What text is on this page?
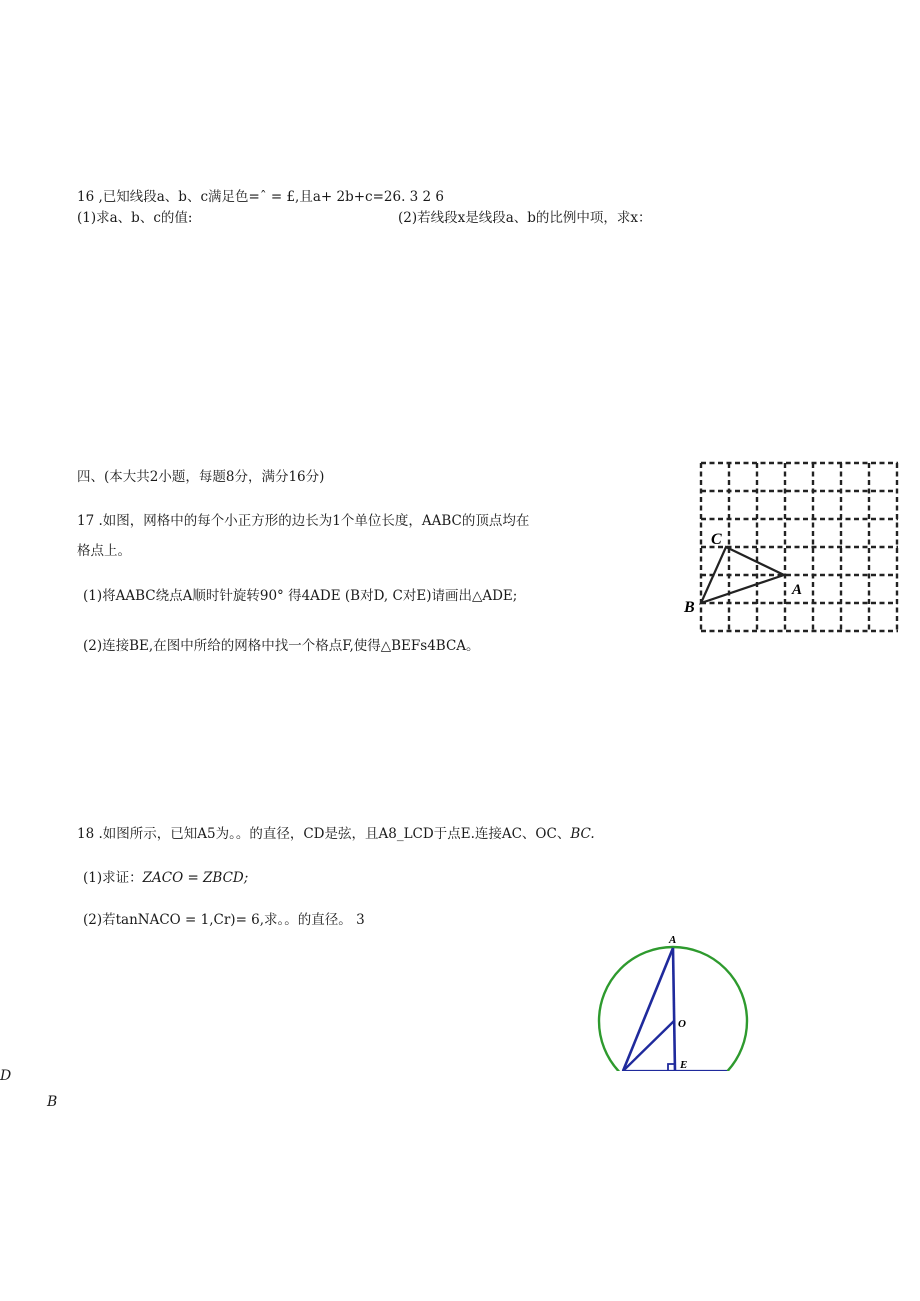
16 ,已知线段a、b、c满足色=ˆ = £,且a+ 2b+c=26. 3 2 6
(1)求a、b、c的值:	(2)若线段x是线段a、b的比例中项，求x：
四、(本大共2小题，每题8分，满分16分)
17 .如图，网格中的每个小正方形的边长为1个单位长度，AABC的顶点均在
格点上。
(1)将AABC绕点A顺时针旋转90° 得4ADE (B对D, C对E)请画出△ADE;
(2)连接BE,在图中所给的网格中找一个格点F,使得△BEFs4BCA。
C
A
B
18 .如图所示，已知A5为。。的直径，CD是弦，且A8_LCD于点E.连接AC、OC、BC.
(1)求证：ZACO = ZBCD;
(2)若tanNACO = 1,Cr)= 6,求。。的直径。 3
A
O
E
D
B
